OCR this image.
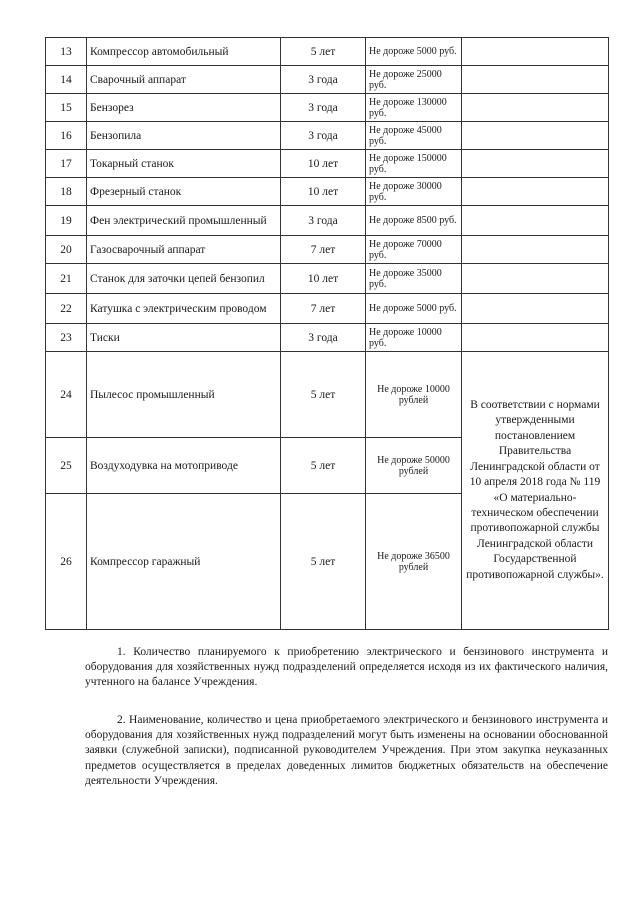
13	Компрессор автомобильный	5 лет	Не дороже 5000 руб.	
14	Сварочный аппарат	3 года	Не дороже 25000 руб.	
15	Бензорез	3 года	Не дороже 130000 руб.	
16	Бензопила	3 года	Не дороже 45000 руб.	
17	Токарный станок	10 лет	Не дороже 150000 руб.	
18	Фрезерный станок	10 лет	Не дороже 30000 руб.	
19	Фен электрический промышленный	3 года	Не дороже 8500 руб.	
20	Газосварочный аппарат	7 лет	Не дороже 70000 руб.	
21	Станок для заточки цепей бензопил	10 лет	Не дороже 35000 руб.	
22	Катушка с электрическим проводом	7 лет	Не дороже 5000 руб.	
23	Тиски	3 года	Не дороже 10000 руб.	
24	Пылесос промышленный	5 лет	Не дороже 10000 рублей	В соответствии с нормами утвержденными постановлением Правительства Ленинградской области от 10 апреля 2018 года № 119 «О материально-техническом обеспечении противопожарной службы Ленинградской области Государственной противопожарной службы».
25	Воздуходувка на мотоприводе	5 лет	Не дороже 50000 рублей	
26	Компрессор гаражный	5 лет	Не дороже 36500 рублей	

1. Количество планируемого к приобретению электрического и бензинового инструмента и оборудования для хозяйственных нужд подразделений определяется исходя из их фактического наличия, учтенного на балансе Учреждения.

2. Наименование, количество и цена приобретаемого электрического и бензинового инструмента и оборудования для хозяйственных нужд подразделений могут быть изменены на основании обоснованной заявки (служебной записки), подписанной руководителем Учреждения. При этом закупка неуказанных предметов осуществляется в пределах доведенных лимитов бюджетных обязательств на обеспечение деятельности Учреждения.
